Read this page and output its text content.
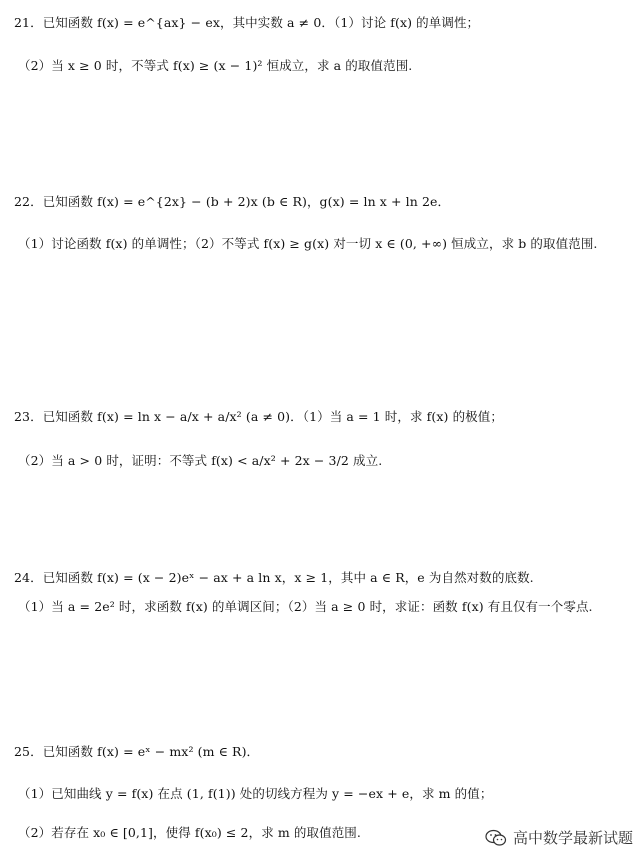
21．已知函数 f(x) = e^{ax} − ex，其中实数 a ≠ 0．（1）讨论 f(x) 的单调性；
（2）当 x ≥ 0 时，不等式 f(x) ≥ (x − 1)² 恒成立，求 a 的取值范围.
22．已知函数 f(x) = e^{2x} − (b + 2)x (b ∈ R)，g(x) = ln x + ln 2e．
（1）讨论函数 f(x) 的单调性；（2）不等式 f(x) ≥ g(x) 对一切 x ∈ (0, +∞) 恒成立，求 b 的取值范围.
23．已知函数 f(x) = ln x − a/x + a/x² (a ≠ 0)．（1）当 a = 1 时，求 f(x) 的极值；
（2）当 a > 0 时，证明：不等式 f(x) < a/x² + 2x − 3/2 成立.
24．已知函数 f(x) = (x − 2)eˣ − ax + a ln x，x ≥ 1，其中 a ∈ R，e 为自然对数的底数.
（1）当 a = 2e² 时，求函数 f(x) 的单调区间；（2）当 a ≥ 0 时，求证：函数 f(x) 有且仅有一个零点.
25．已知函数 f(x) = eˣ − mx² (m ∈ R)．
（1）已知曲线 y = f(x) 在点 (1, f(1)) 处的切线方程为 y = −ex + e，求 m 的值；
（2）若存在 x₀ ∈ [0,1]，使得 f(x₀) ≤ 2，求 m 的取值范围.	高中数学最新试题
